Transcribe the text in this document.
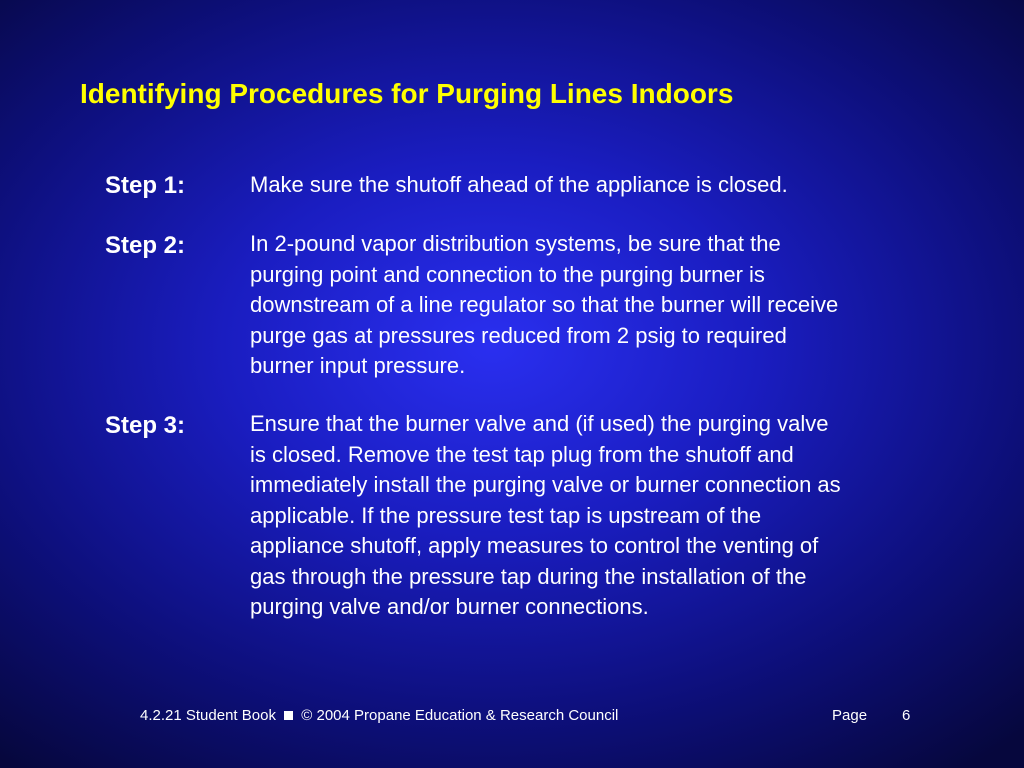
Identifying Procedures for Purging Lines Indoors
Step 1:	Make sure the shutoff ahead of the appliance is closed.
Step 2:	In 2-pound vapor distribution systems, be sure that the
purging point and connection to the purging burner is
downstream of a line regulator so that the burner will receive
purge gas at pressures reduced from 2 psig to required
burner input pressure.
Step 3:	Ensure that the burner valve and (if used) the purging valve
is closed. Remove the test tap plug from the shutoff and
immediately install the purging valve or burner connection as
applicable. If the pressure test tap is upstream of the
appliance shutoff, apply measures to control the venting of
gas through the pressure tap during the installation of the
purging valve and/or burner connections.
4.2.21 Student Book © 2004 Propane Education & Research Council	Page 6
